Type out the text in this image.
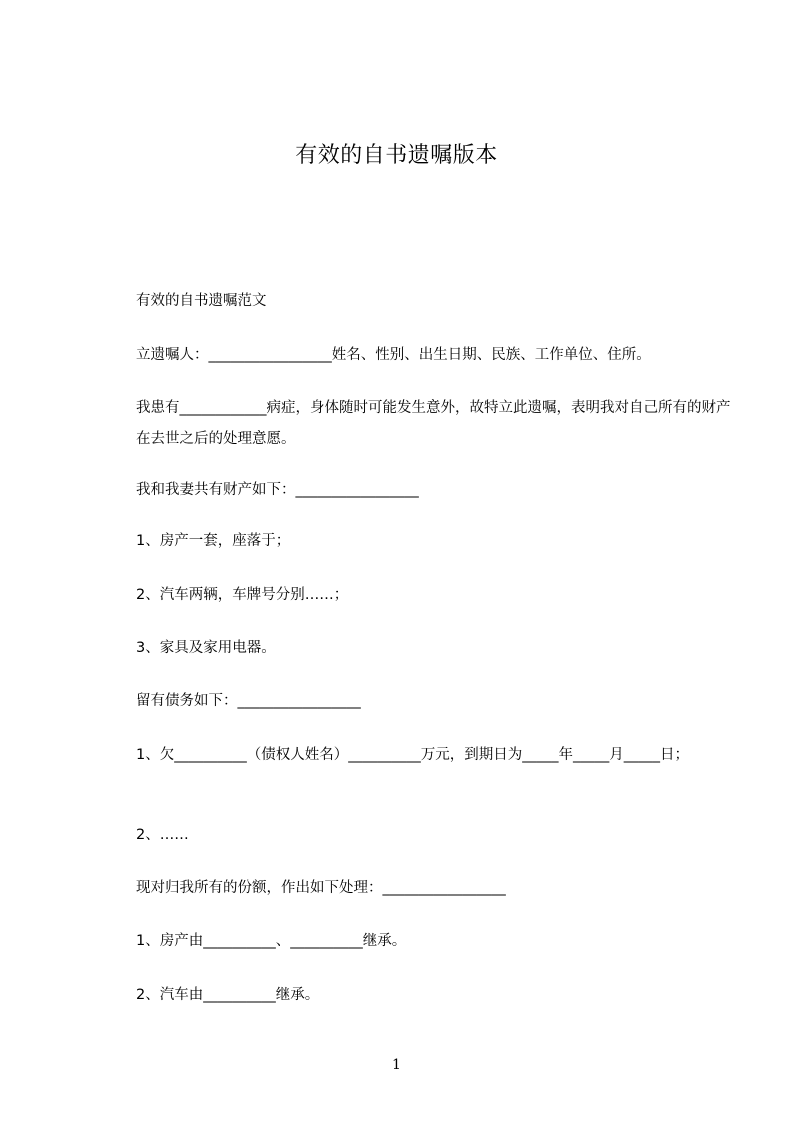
有效的自书遗嘱版本
有效的自书遗嘱范文
立遗嘱人：_________________姓名、性别、出生日期、民族、工作单位、住所。
我患有____________病症，身体随时可能发生意外，故特立此遗嘱，表明我对自己所有的财产在去世之后的处理意愿。
我和我妻共有财产如下：_________________
1、房产一套，座落于；
2、汽车两辆，车牌号分别……；
3、家具及家用电器。
留有债务如下：_________________
1、欠__________（债权人姓名）__________万元，到期日为_____年_____月_____日；
2、……
现对归我所有的份额，作出如下处理：_________________
1、房产由__________、__________继承。
2、汽车由__________继承。
1
